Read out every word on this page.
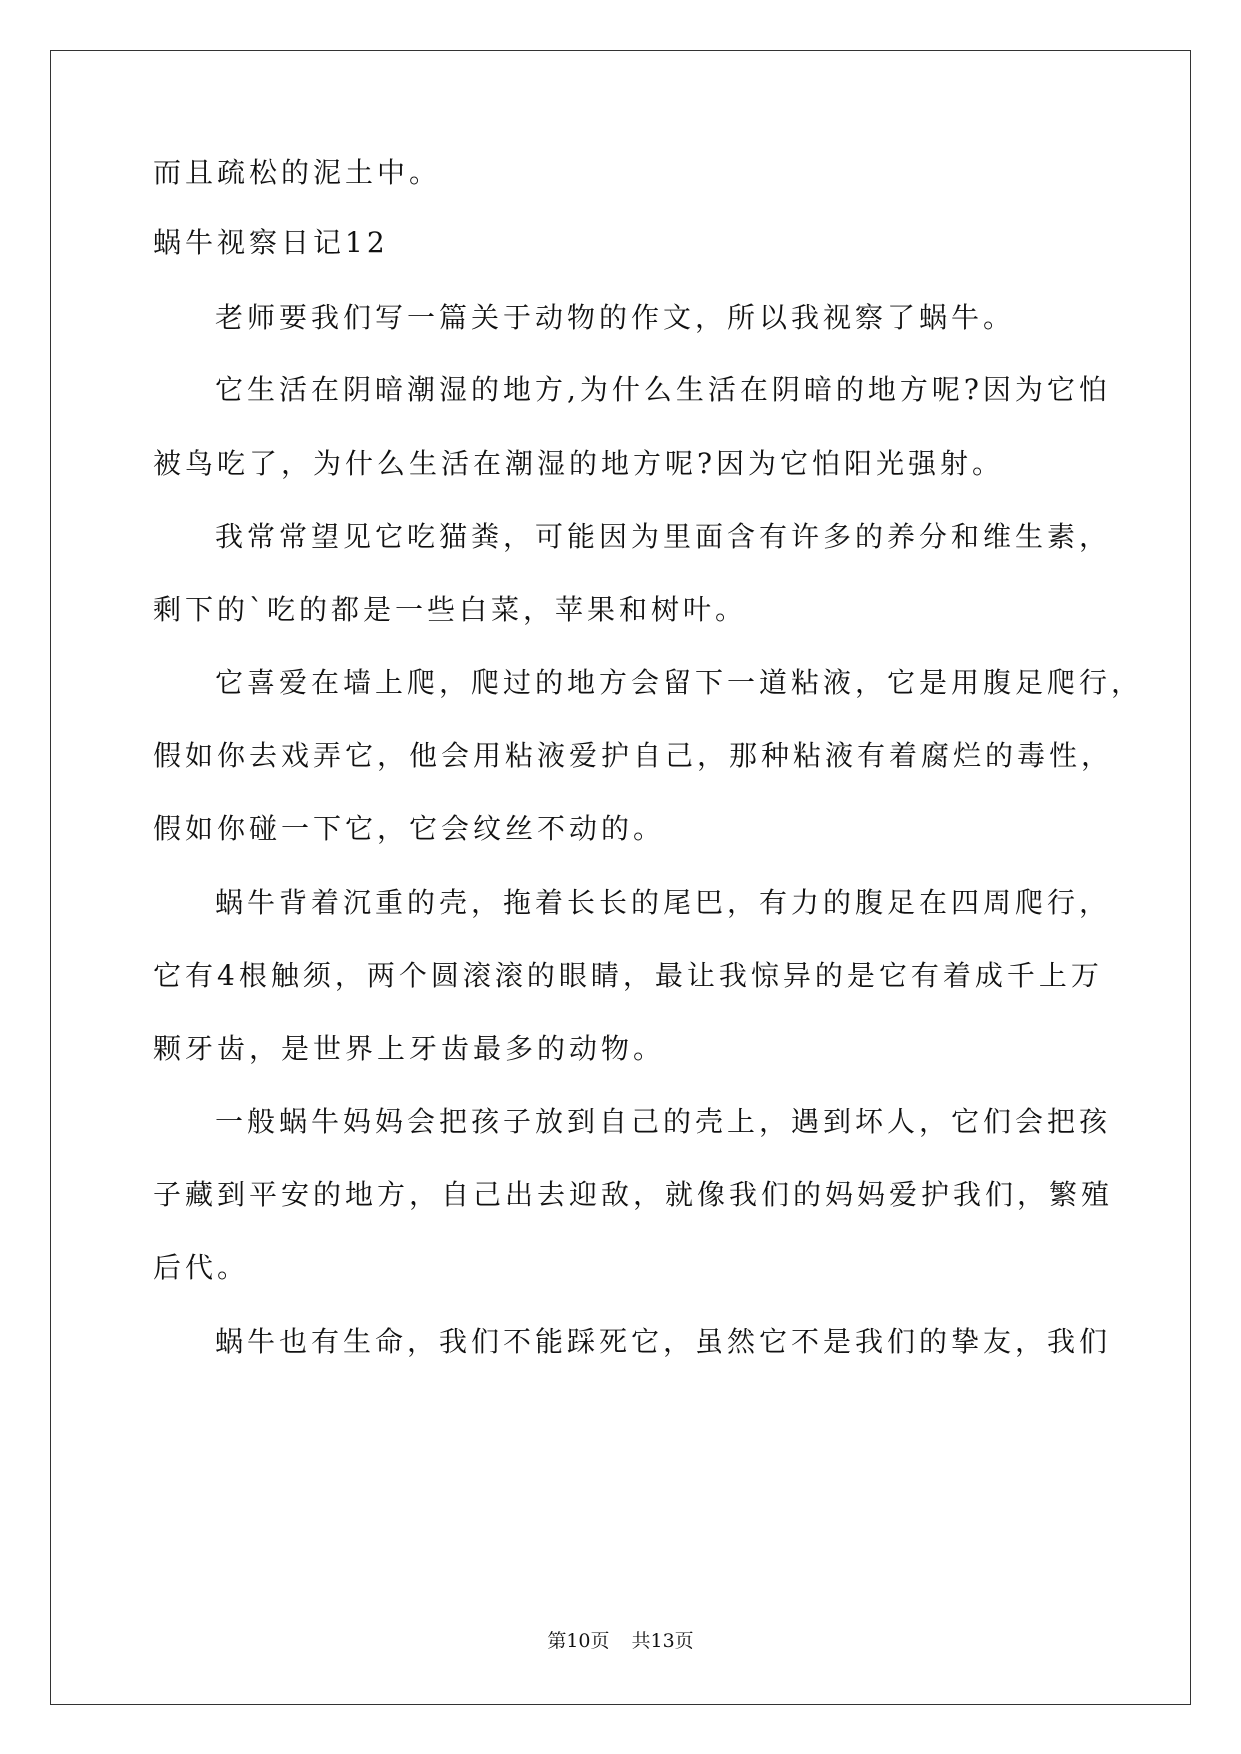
而且疏松的泥土中。

蜗牛视察日记12

老师要我们写一篇关于动物的作文，所以我视察了蜗牛。

它生活在阴暗潮湿的地方,为什么生活在阴暗的地方呢?因为它怕

被鸟吃了，为什么生活在潮湿的地方呢?因为它怕阳光强射。

我常常望见它吃猫粪，可能因为里面含有许多的养分和维生素，

剩下的`吃的都是一些白菜，苹果和树叶。

它喜爱在墙上爬，爬过的地方会留下一道粘液，它是用腹足爬行，

假如你去戏弄它，他会用粘液爱护自己，那种粘液有着腐烂的毒性，

假如你碰一下它，它会纹丝不动的。

蜗牛背着沉重的壳，拖着长长的尾巴，有力的腹足在四周爬行，

它有4根触须，两个圆滚滚的眼睛，最让我惊异的是它有着成千上万

颗牙齿，是世界上牙齿最多的动物。

一般蜗牛妈妈会把孩子放到自己的壳上，遇到坏人，它们会把孩

子藏到平安的地方，自己出去迎敌，就像我们的妈妈爱护我们，繁殖

后代。

蜗牛也有生命，我们不能踩死它，虽然它不是我们的挚友，我们

第10页 共13页
